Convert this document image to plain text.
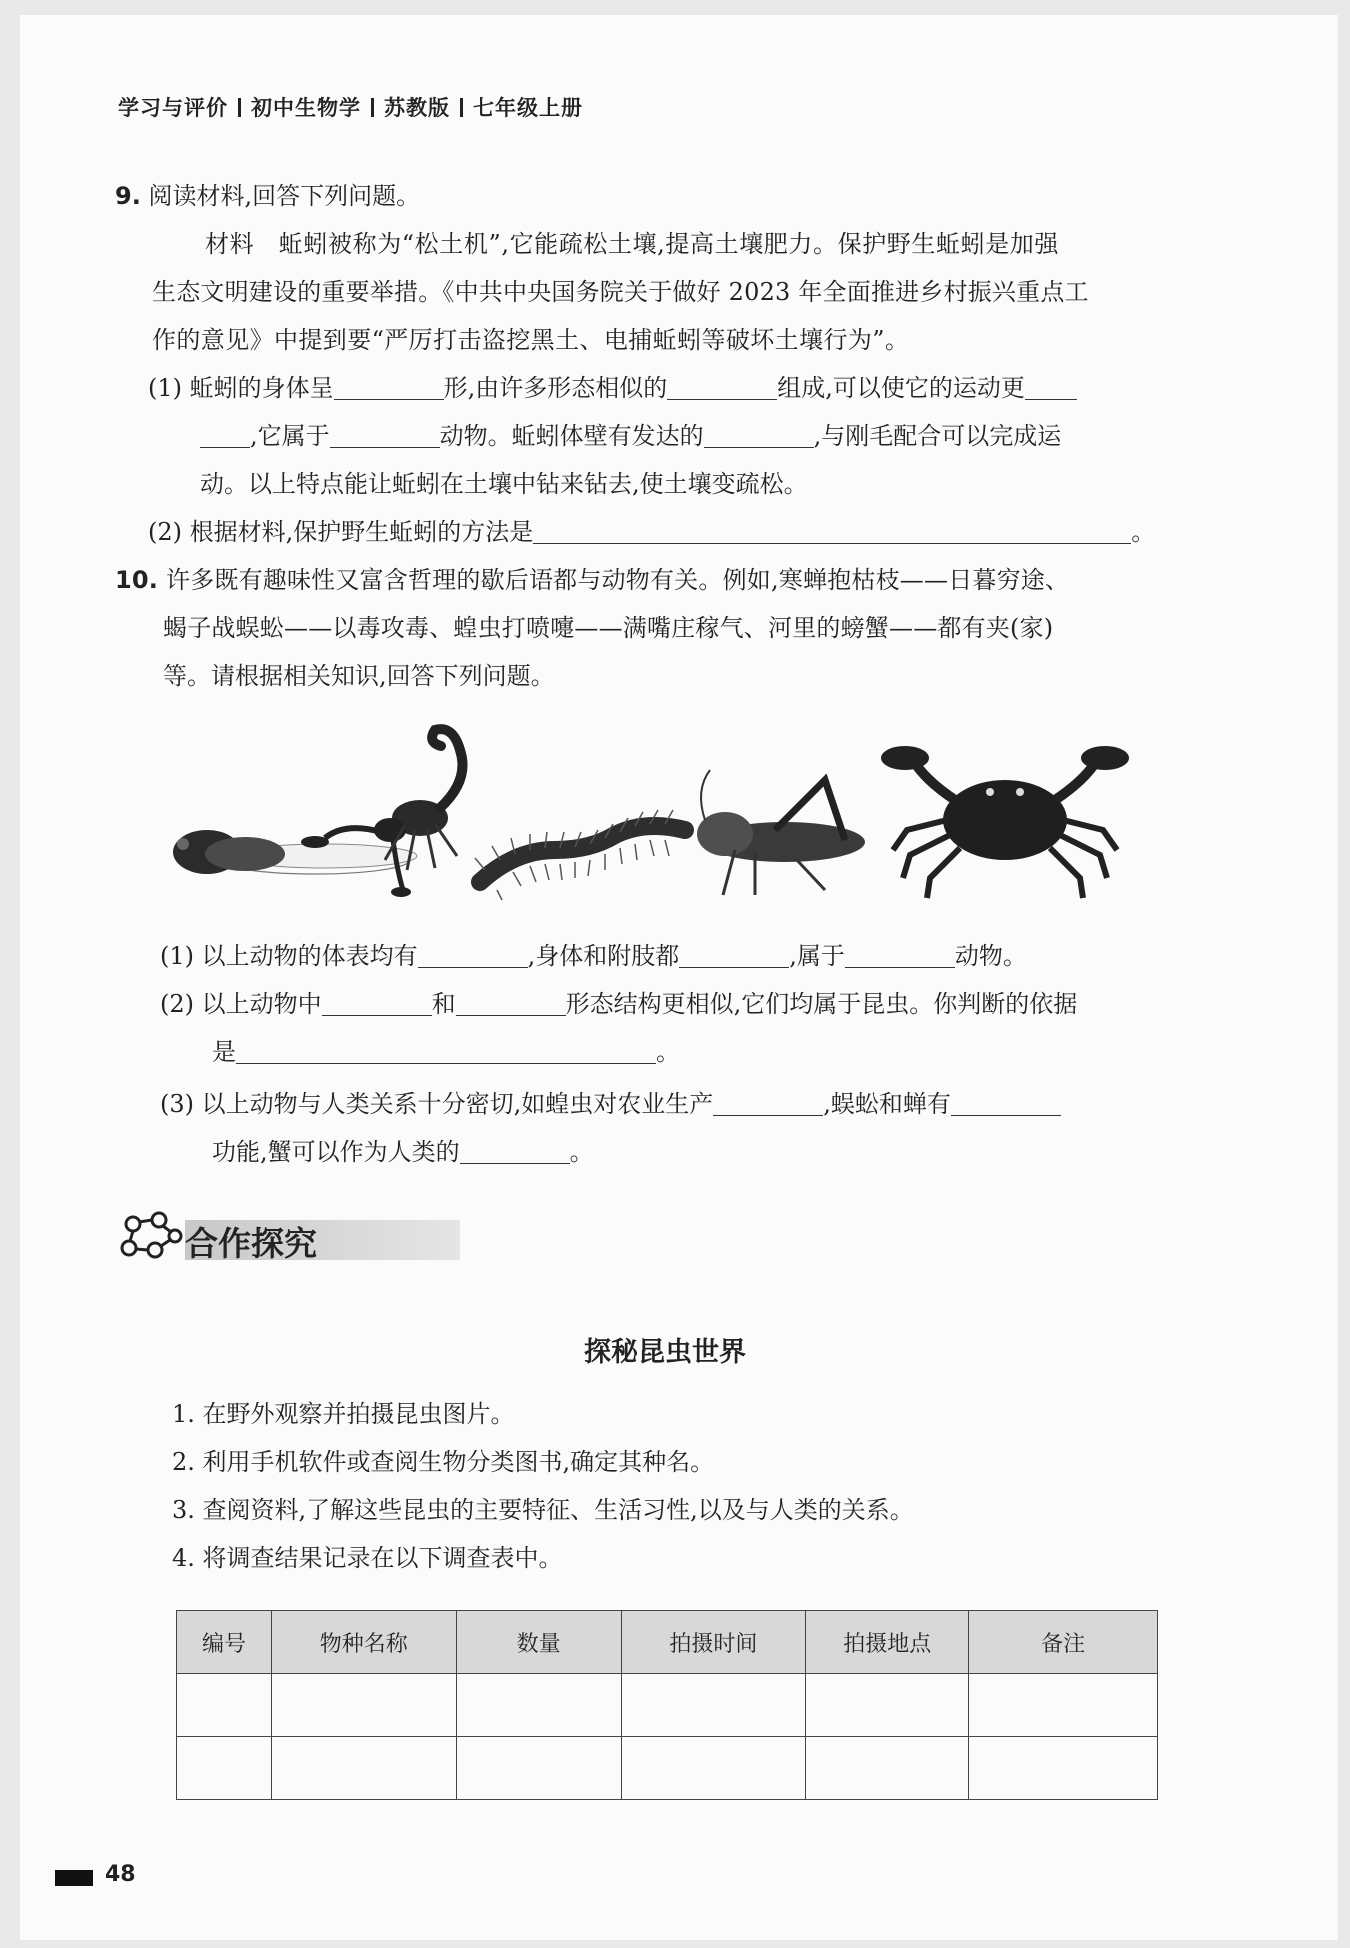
学习与评价 初中生物学 苏教版 七年级上册
9. 阅读材料,回答下列问题。
材料　蚯蚓被称为“松土机”,它能疏松土壤,提高土壤肥力。保护野生蚯蚓是加强
生态文明建设的重要举措。《中共中央国务院关于做好 2023 年全面推进乡村振兴重点工
作的意见》中提到要“严厉打击盗挖黑土、电捕蚯蚓等破坏土壤行为”。
(1) 蚯蚓的身体呈	形,由许多形态相似的	组成,可以使它的运动更
,它属于	动物。蚯蚓体壁有发达的	,与刚毛配合可以完成运
动。以上特点能让蚯蚓在土壤中钻来钻去,使土壤变疏松。
(2) 根据材料,保护野生蚯蚓的方法是	。
10. 许多既有趣味性又富含哲理的歇后语都与动物有关。例如,寒蝉抱枯枝——日暮穷途、
蝎子战蜈蚣——以毒攻毒、蝗虫打喷嚏——满嘴庄稼气、河里的螃蟹——都有夹(家)
等。请根据相关知识,回答下列问题。
(1) 以上动物的体表均有	,身体和附肢都	,属于	动物。
(2) 以上动物中	和	形态结构更相似,它们均属于昆虫。你判断的依据
是	。
(3) 以上动物与人类关系十分密切,如蝗虫对农业生产	,蜈蚣和蝉有
功能,蟹可以作为人类的	。
合作探究
探秘昆虫世界
1. 在野外观察并拍摄昆虫图片。
2. 利用手机软件或查阅生物分类图书,确定其种名。
3. 查阅资料,了解这些昆虫的主要特征、生活习性,以及与人类的关系。
4. 将调查结果记录在以下调查表中。
编号	物种名称	数量	拍摄时间	拍摄地点	备注

48
